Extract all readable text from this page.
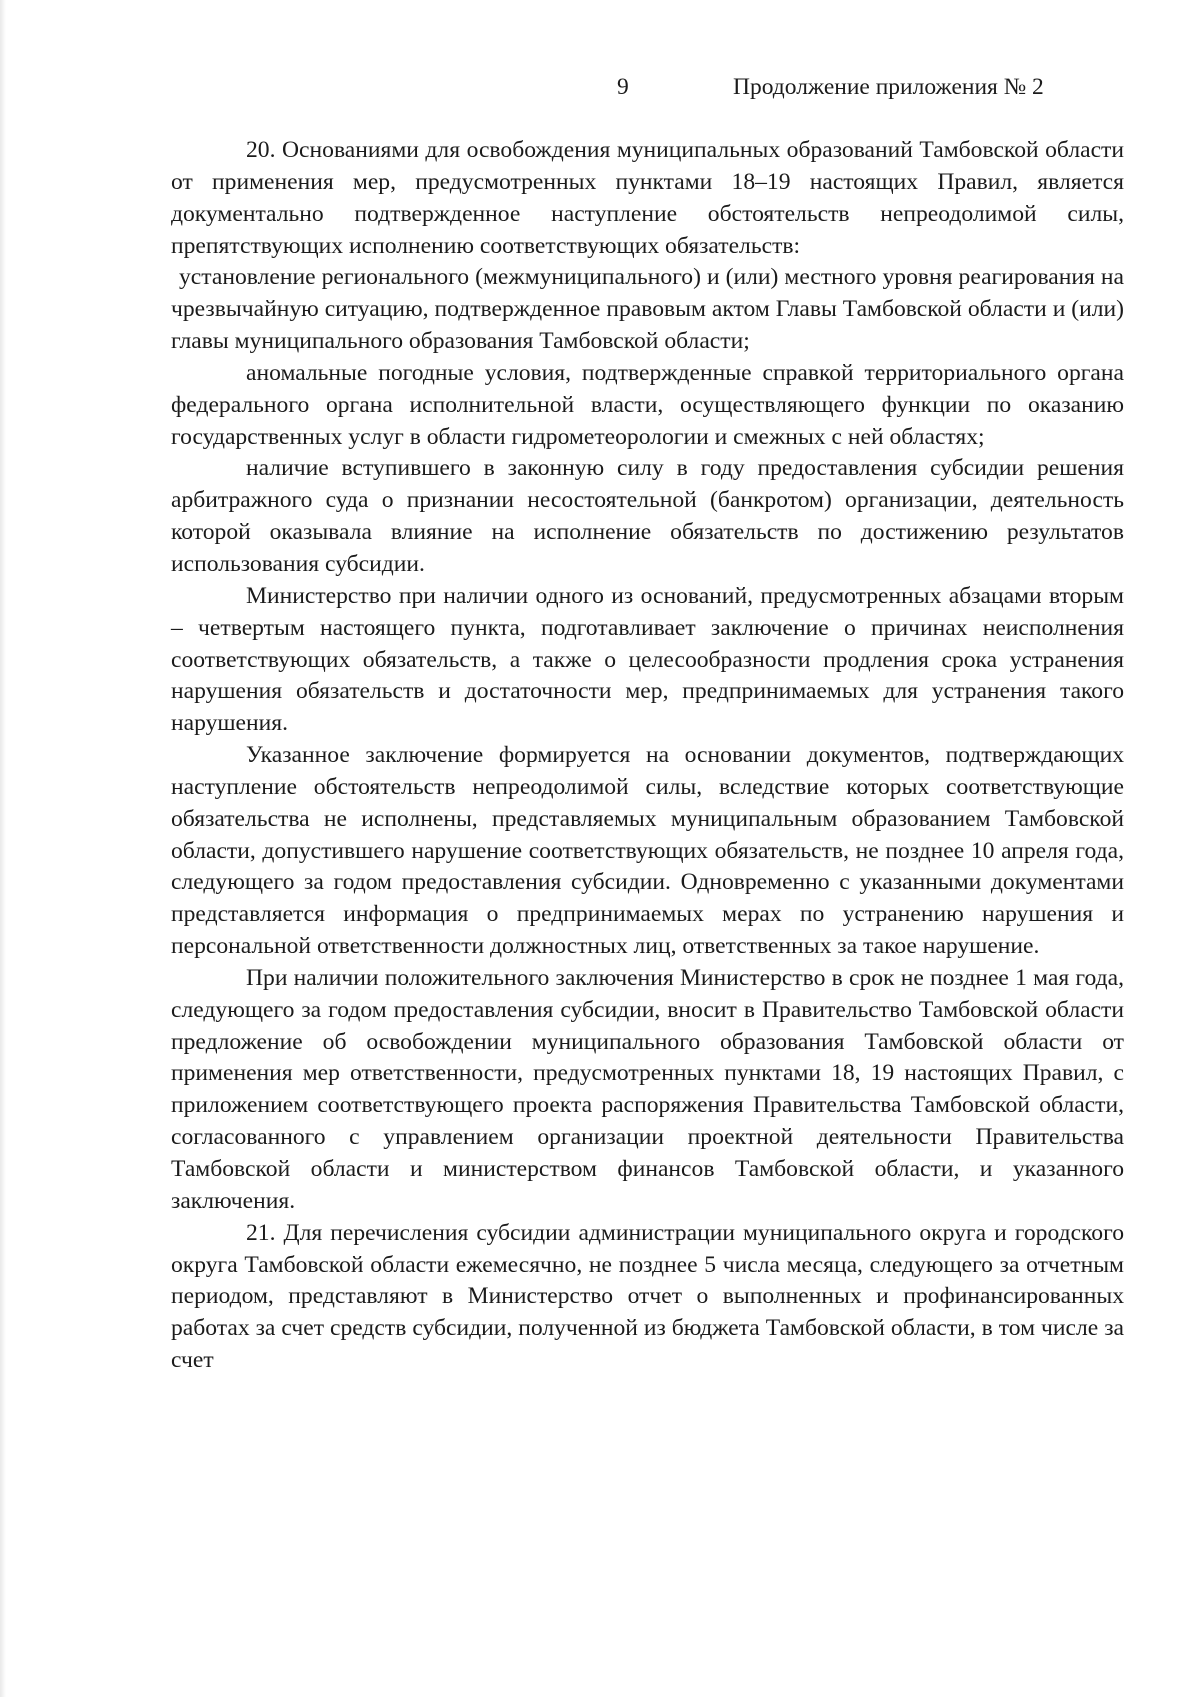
9	Продолжение приложения № 2

20. Основаниями для освобождения муниципальных образований Тамбовской области от применения мер, предусмотренных пунктами 18–19 настоящих Правил, является документально подтвержденное наступление обстоятельств непреодолимой силы, препятствующих исполнению соответствующих обязательств:

установление регионального (межмуниципального) и (или) местного уровня реагирования на чрезвычайную ситуацию, подтвержденное правовым актом Главы Тамбовской области и (или) главы муниципального образования Тамбовской области;

аномальные погодные условия, подтвержденные справкой территориального органа федерального органа исполнительной власти, осуществляющего функции по оказанию государственных услуг в области гидрометеорологии и смежных с ней областях;

наличие вступившего в законную силу в году предоставления субсидии решения арбитражного суда о признании несостоятельной (банкротом) организации, деятельность которой оказывала влияние на исполнение обязательств по достижению результатов использования субсидии.

Министерство при наличии одного из оснований, предусмотренных абзацами вторым – четвертым настоящего пункта, подготавливает заключение о причинах неисполнения соответствующих обязательств, а также о целесообразности продления срока устранения нарушения обязательств и достаточности мер, предпринимаемых для устранения такого нарушения.

Указанное заключение формируется на основании документов, подтверждающих наступление обстоятельств непреодолимой силы, вследствие которых соответствующие обязательства не исполнены, представляемых муниципальным образованием Тамбовской области, допустившего нарушение соответствующих обязательств, не позднее 10 апреля года, следующего за годом предоставления субсидии. Одновременно с указанными документами представляется информация о предпринимаемых мерах по устранению нарушения и персональной ответственности должностных лиц, ответственных за такое нарушение.

При наличии положительного заключения Министерство в срок не позднее 1 мая года, следующего за годом предоставления субсидии, вносит в Правительство Тамбовской области предложение об освобождении муниципального образования Тамбовской области от применения мер ответственности, предусмотренных пунктами 18, 19 настоящих Правил, с приложением соответствующего проекта распоряжения Правительства Тамбовской области, согласованного с управлением организации проектной деятельности Правительства Тамбовской области и министерством финансов Тамбовской области, и указанного заключения.

21. Для перечисления субсидии администрации муниципального округа и городского округа Тамбовской области ежемесячно, не позднее 5 числа месяца, следующего за отчетным периодом, представляют в Министерство отчет о выполненных и профинансированных работах за счет средств субсидии, полученной из бюджета Тамбовской области, в том числе за счет
